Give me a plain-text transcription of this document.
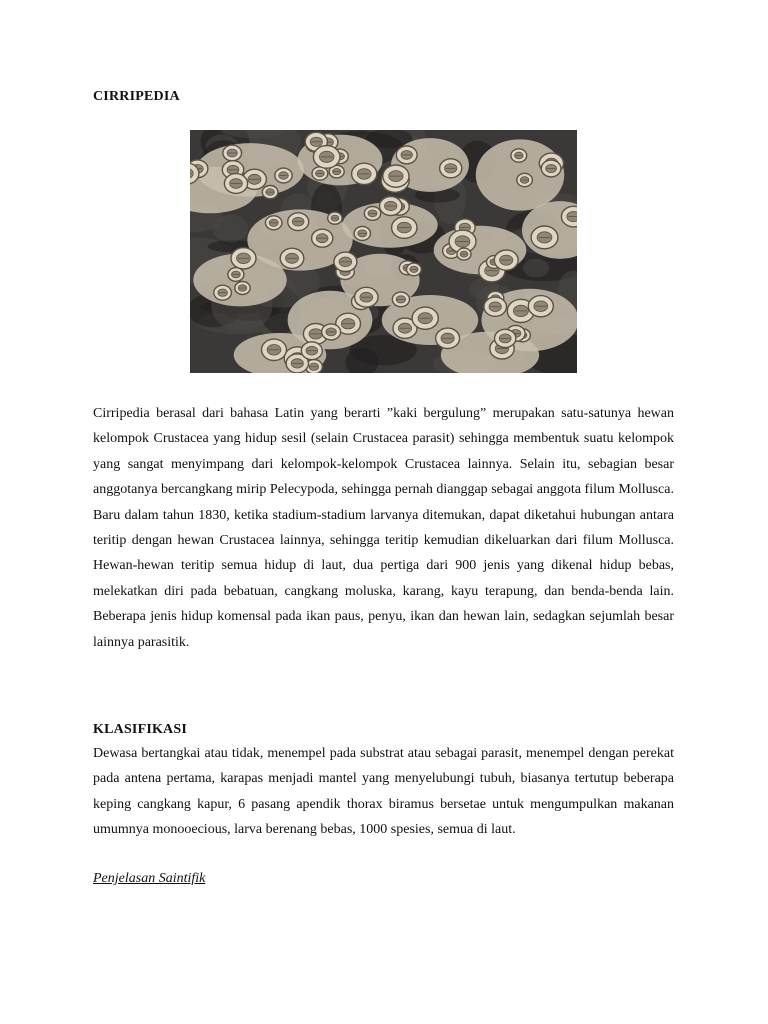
CIRRIPEDIA

Cirripedia berasal dari bahasa Latin yang berarti ”kaki bergulung” merupakan satu-satunya hewan kelompok Crustacea yang hidup sesil (selain Crustacea parasit) sehingga membentuk suatu kelompok yang sangat menyimpang dari kelompok-kelompok Crustacea lainnya. Selain itu, sebagian besar anggotanya bercangkang mirip Pelecypoda, sehingga pernah dianggap sebagai anggota filum Mollusca. Baru dalam tahun 1830, ketika stadium-stadium larvanya ditemukan, dapat diketahui hubungan antara teritip dengan hewan Crustacea lainnya, sehingga teritip kemudian dikeluarkan dari filum Mollusca. Hewan-hewan teritip semua hidup di laut, dua pertiga dari 900 jenis yang dikenal hidup bebas, melekatkan diri pada bebatuan, cangkang moluska, karang, kayu terapung, dan benda-benda lain. Beberapa jenis hidup komensal pada ikan paus, penyu, ikan dan hewan lain, sedagkan sejumlah besar lainnya parasitik.

KLASIFIKASI

Dewasa bertangkai atau tidak, menempel pada substrat atau sebagai parasit, menempel dengan perekat pada antena pertama, karapas menjadi mantel yang menyelubungi tubuh, biasanya tertutup beberapa keping cangkang kapur, 6 pasang apendik thorax biramus bersetae untuk mengumpulkan makanan umumnya monooecious, larva berenang bebas, 1000 spesies, semua di laut.

Penjelasan Saintifik
